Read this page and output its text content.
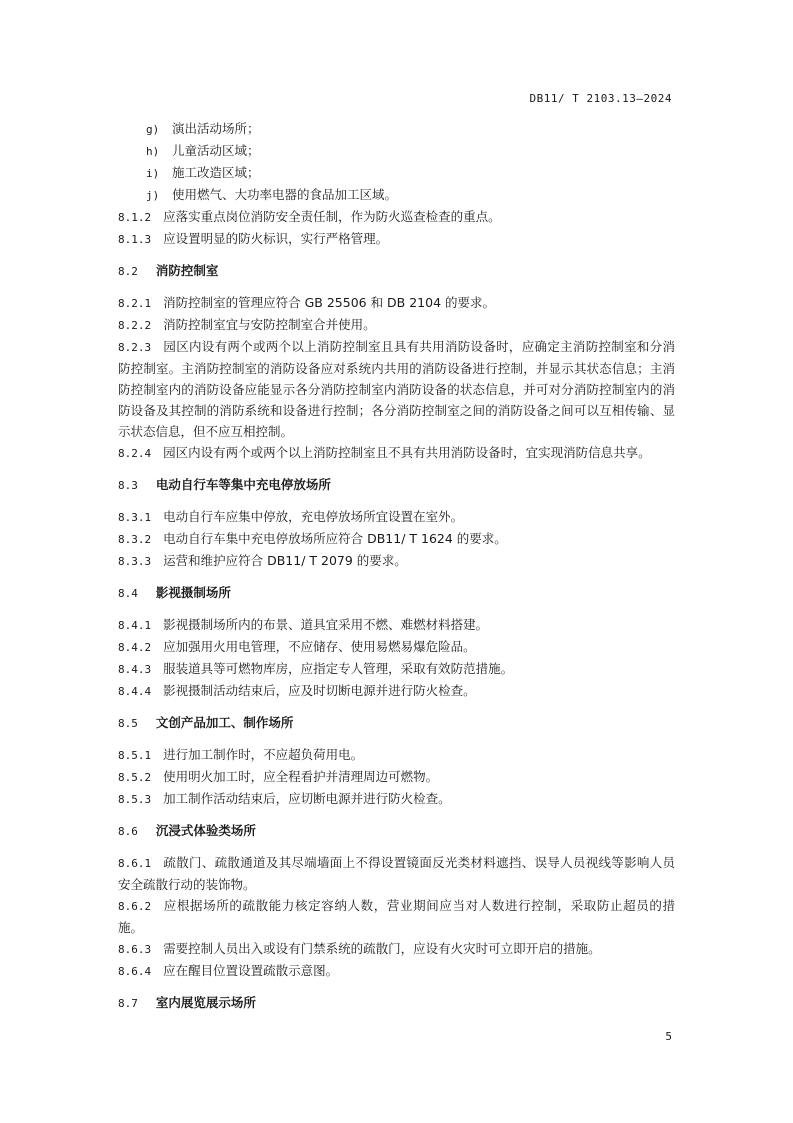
DB11/ T 2103.13—2024
g) 演出活动场所；
h) 儿童活动区域；
i) 施工改造区域；
j) 使用燃气、大功率电器的食品加工区域。
8.1.2 应落实重点岗位消防安全责任制，作为防火巡查检查的重点。
8.1.3 应设置明显的防火标识，实行严格管理。
8.2 消防控制室
8.2.1 消防控制室的管理应符合 GB 25506 和 DB 2104 的要求。
8.2.2 消防控制室宜与安防控制室合并使用。
8.2.3 园区内设有两个或两个以上消防控制室且具有共用消防设备时，应确定主消防控制室和分消防控制室。主消防控制室的消防设备应对系统内共用的消防设备进行控制，并显示其状态信息；主消防控制室内的消防设备应能显示各分消防控制室内消防设备的状态信息，并可对分消防控制室内的消防设备及其控制的消防系统和设备进行控制；各分消防控制室之间的消防设备之间可以互相传输、显示状态信息，但不应互相控制。
8.2.4 园区内设有两个或两个以上消防控制室且不具有共用消防设备时，宜实现消防信息共享。
8.3 电动自行车等集中充电停放场所
8.3.1 电动自行车应集中停放，充电停放场所宜设置在室外。
8.3.2 电动自行车集中充电停放场所应符合 DB11/ T 1624 的要求。
8.3.3 运营和维护应符合 DB11/ T 2079 的要求。
8.4 影视摄制场所
8.4.1 影视摄制场所内的布景、道具宜采用不燃、难燃材料搭建。
8.4.2 应加强用火用电管理，不应储存、使用易燃易爆危险品。
8.4.3 服装道具等可燃物库房，应指定专人管理，采取有效防范措施。
8.4.4 影视摄制活动结束后，应及时切断电源并进行防火检查。
8.5 文创产品加工、制作场所
8.5.1 进行加工制作时，不应超负荷用电。
8.5.2 使用明火加工时，应全程看护并清理周边可燃物。
8.5.3 加工制作活动结束后，应切断电源并进行防火检查。
8.6 沉浸式体验类场所
8.6.1 疏散门、疏散通道及其尽端墙面上不得设置镜面反光类材料遮挡、误导人员视线等影响人员安全疏散行动的装饰物。
8.6.2 应根据场所的疏散能力核定容纳人数，营业期间应当对人数进行控制，采取防止超员的措施。
8.6.3 需要控制人员出入或设有门禁系统的疏散门，应设有火灾时可立即开启的措施。
8.6.4 应在醒目位置设置疏散示意图。
8.7 室内展览展示场所
5
